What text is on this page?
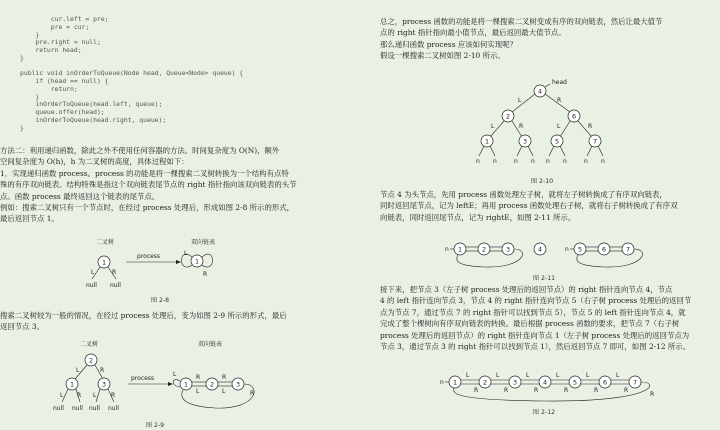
cur.left = pre;
pre = cur;
}
pre.right = null;
return head;
}

public void inOrderToQueue(Node head, Queue<Node> queue) {
if (head == null) {
return;
}
inOrderToQueue(head.left, queue);
queue.offer(head);
inOrderToQueue(head.right, queue);
}
方法二：利用递归函数，除此之外不使用任何容器的方法。时间复杂度为 O(N)，额外
空间复杂度为 O(h)，h 为二叉树的高度，具体过程如下：
1．实现递归函数 process。process 的功能是将一棵搜索二叉树转换为一个结构有点特
殊的有序双向链表。结构特殊是指这个双向链表尾节点的 right 指针指向该双向链表的头节
点。函数 process 最终返回这个链表的尾节点。
例如：搜索二叉树只有一个节点时，在经过 process 处理后，形成如图 2-8 所示的形式，
最后返回节点 1。
二叉树	双向链表
1
L	R
null null
process
1
L
R
图 2-8
搜索二叉树较为一般的情况，在经过 process 处理后，变为如图 2-9 所示的形式，最后
返回节点 3。
二叉树	双向链表
2
L	R
1	3
L R L R
null null null null
process
1	2	3
R
L
R
L
L
R
图 2-9
总之，process 函数的功能是将一棵搜索二叉树变成有序的双向链表，然后让最大值节
点的 right 指针指向最小值节点，最后返回最大值节点。
那么递归函数 process 应该如何实现呢？
假设一棵搜索二叉树如图 2-10 所示。
head
4
L	R
2	6
L	R	L	R
1	3	5	7
n n	n n n n	n n
图 2-10
节点 4 为头节点，先用 process 函数处理左子树，就将左子树转换成了有序双向链表，
同时返回尾节点，记为 leftE；再用 process 函数处理右子树，就将右子树转换成了有序双
向链表，同时返回尾节点，记为 rightE，如图 2-11 所示。
n 1	2	3	4	n 5	6	7
图 2-11
接下来，把节点 3（左子树 process 处理后的返回节点）的 right 指针连向节点 4，节点
4 的 left 指针连向节点 3，节点 4 的 right 指针连向节点 5（右子树 process 处理后的返回节
点为节点 7，通过节点 7 的 right 指针可以找到节点 5），节点 5 的 left 指针连向节点 4，就
完成了整个棵树向有序双向链表的转换。最后根据 process 函数的要求，把节点 7（右子树
process 处理后的返回节点）的 right 指针连向节点 1（左子树 process 处理后的返回节点为
节点 3，通过节点 3 的 right 指针可以找到节点 1），然后返回节点 7 即可，如图 2-12 所示。
n 1	2	3	4	5	6	7
L
R
L
R
L
R
L
R
L
R
L
R
R
图 2-12
